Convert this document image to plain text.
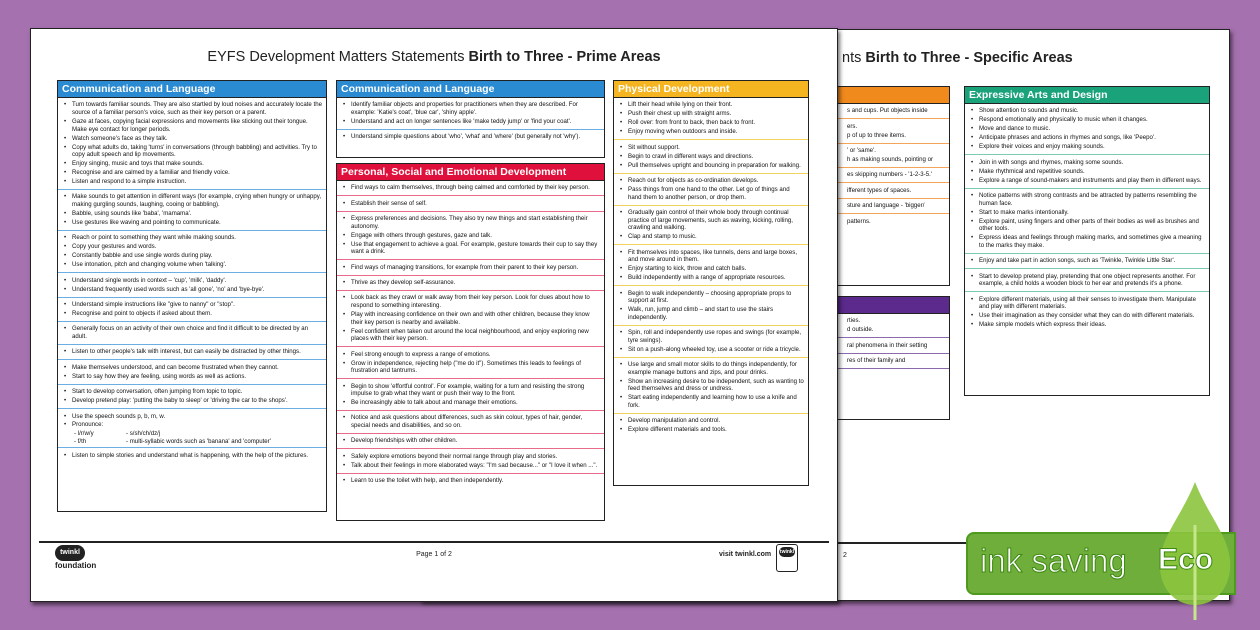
nts Birth to Three - Specific Areas

s and cups. Put objects inside
ers.
p of up to three items.
' or 'same'.
h as making sounds, pointing or
es skipping numbers - '1-2-3-5.'
ifferent types of spaces.
sture and language - 'bigger/
patterns.

rties.
d outside.
ral phenomena in their setting
res of their family and

Expressive Arts and Design
• Show attention to sounds and music.
• Respond emotionally and physically to music when it changes.
• Move and dance to music.
• Anticipate phrases and actions in rhymes and songs, like 'Peepo'.
• Explore their voices and enjoy making sounds.
• Join in with songs and rhymes, making some sounds.
• Make rhythmical and repetitive sounds.
• Explore a range of sound-makers and instruments and play them in different ways.
• Notice patterns with strong contrasts and be attracted by patterns resembling the human face.
• Start to make marks intentionally.
• Explore paint, using fingers and other parts of their bodies as well as brushes and other tools.
• Express ideas and feelings through making marks, and sometimes give a meaning to the marks they make.
• Enjoy and take part in action songs, such as 'Twinkle, Twinkle Little Star'.
• Start to develop pretend play, pretending that one object represents another. For example, a child holds a wooden block to her ear and pretends it's a phone.
• Explore different materials, using all their senses to investigate them. Manipulate and play with different materials.
• Use their imagination as they consider what they can do with different materials.
• Make simple models which express their ideas.
2
EYFS Development Matters Statements Birth to Three - Prime Areas
Communication and Language
• Turn towards familiar sounds. They are also startled by loud noises and accurately locate the source of a familiar person's voice, such as their key person or a parent.
• Gaze at faces, copying facial expressions and movements like sticking out their tongue. Make eye contact for longer periods.
• Watch someone's face as they talk.
• Copy what adults do, taking 'turns' in conversations (through babbling) and activities. Try to copy adult speech and lip movements.
• Enjoy singing, music and toys that make sounds.
• Recognise and are calmed by a familiar and friendly voice.
• Listen and respond to a simple instruction.
• Make sounds to get attention in different ways (for example, crying when hungry or unhappy, making gurgling sounds, laughing, cooing or babbling).
• Babble, using sounds like 'baba', 'mamama'.
• Use gestures like waving and pointing to communicate.
• Reach or point to something they want while making sounds.
• Copy your gestures and words.
• Constantly babble and use single words during play.
• Use intonation, pitch and changing volume when 'talking'.
• Understand single words in context – 'cup', 'milk', 'daddy'.
• Understand frequently used words such as 'all gone', 'no' and 'bye-bye'.
• Understand simple instructions like "give to nanny" or "stop".
• Recognise and point to objects if asked about them.
• Generally focus on an activity of their own choice and find it difficult to be directed by an adult.
• Listen to other people's talk with interest, but can easily be distracted by other things.
• Make themselves understood, and can become frustrated when they cannot.
• Start to say how they are feeling, using words as well as actions.
• Start to develop conversation, often jumping from topic to topic.
• Develop pretend play: 'putting the baby to sleep' or 'driving the car to the shops'.
• Use the speech sounds p, b, m, w.
• Pronounce:
- l/r/w/y	- s/sh/ch/dz/j
- f/th	- multi-syllabic words such as 'banana' and 'computer'
• Listen to simple stories and understand what is happening, with the help of the pictures.
Communication and Language
• Identify familiar objects and properties for practitioners when they are described. For example: 'Katie's coat', 'blue car', 'shiny apple'.
• Understand and act on longer sentences like 'make teddy jump' or 'find your coat'.
• Understand simple questions about 'who', 'what' and 'where' (but generally not 'why').
Personal, Social and Emotional Development
• Find ways to calm themselves, through being calmed and comforted by their key person.
• Establish their sense of self.
• Express preferences and decisions. They also try new things and start establishing their autonomy.
• Engage with others through gestures, gaze and talk.
• Use that engagement to achieve a goal. For example, gesture towards their cup to say they want a drink.
• Find ways of managing transitions, for example from their parent to their key person.
• Thrive as they develop self-assurance.
• Look back as they crawl or walk away from their key person. Look for clues about how to respond to something interesting.
• Play with increasing confidence on their own and with other children, because they know their key person is nearby and available.
• Feel confident when taken out around the local neighbourhood, and enjoy exploring new places with their key person.
• Feel strong enough to express a range of emotions.
• Grow in independence, rejecting help ("me do it"). Sometimes this leads to feelings of frustration and tantrums.
• Begin to show 'effortful control'. For example, waiting for a turn and resisting the strong impulse to grab what they want or push their way to the front.
• Be increasingly able to talk about and manage their emotions.
• Notice and ask questions about differences, such as skin colour, types of hair, gender, special needs and disabilities, and so on.
• Develop friendships with other children.
• Safely explore emotions beyond their normal range through play and stories.
• Talk about their feelings in more elaborated ways: "I'm sad because..." or "I love it when ...".
• Learn to use the toilet with help, and then independently.
Physical Development
• Lift their head while lying on their front.
• Push their chest up with straight arms.
• Roll over: from front to back, then back to front.
• Enjoy moving when outdoors and inside.
• Sit without support.
• Begin to crawl in different ways and directions.
• Pull themselves upright and bouncing in preparation for walking.
• Reach out for objects as co-ordination develops.
• Pass things from one hand to the other. Let go of things and hand them to another person, or drop them.
• Gradually gain control of their whole body through continual practice of large movements, such as waving, kicking, rolling, crawling and walking.
• Clap and stamp to music.
• Fit themselves into spaces, like tunnels, dens and large boxes, and move around in them.
• Enjoy starting to kick, throw and catch balls.
• Build independently with a range of appropriate resources.
• Begin to walk independently – choosing appropriate props to support at first.
• Walk, run, jump and climb – and start to use the stairs independently.
• Spin, roll and independently use ropes and swings (for example, tyre swings).
• Sit on a push-along wheeled toy, use a scooter or ride a tricycle.
• Use large and small motor skills to do things independently, for example manage buttons and zips, and pour drinks.
• Show an increasing desire to be independent, such as wanting to feed themselves and dress or undress.
• Start eating independently and learning how to use a knife and fork.
• Develop manipulation and control.
• Explore different materials and tools.
twinkl
foundation
Page 1 of 2	visit twinkl.com twinkl	ink saving Eco
